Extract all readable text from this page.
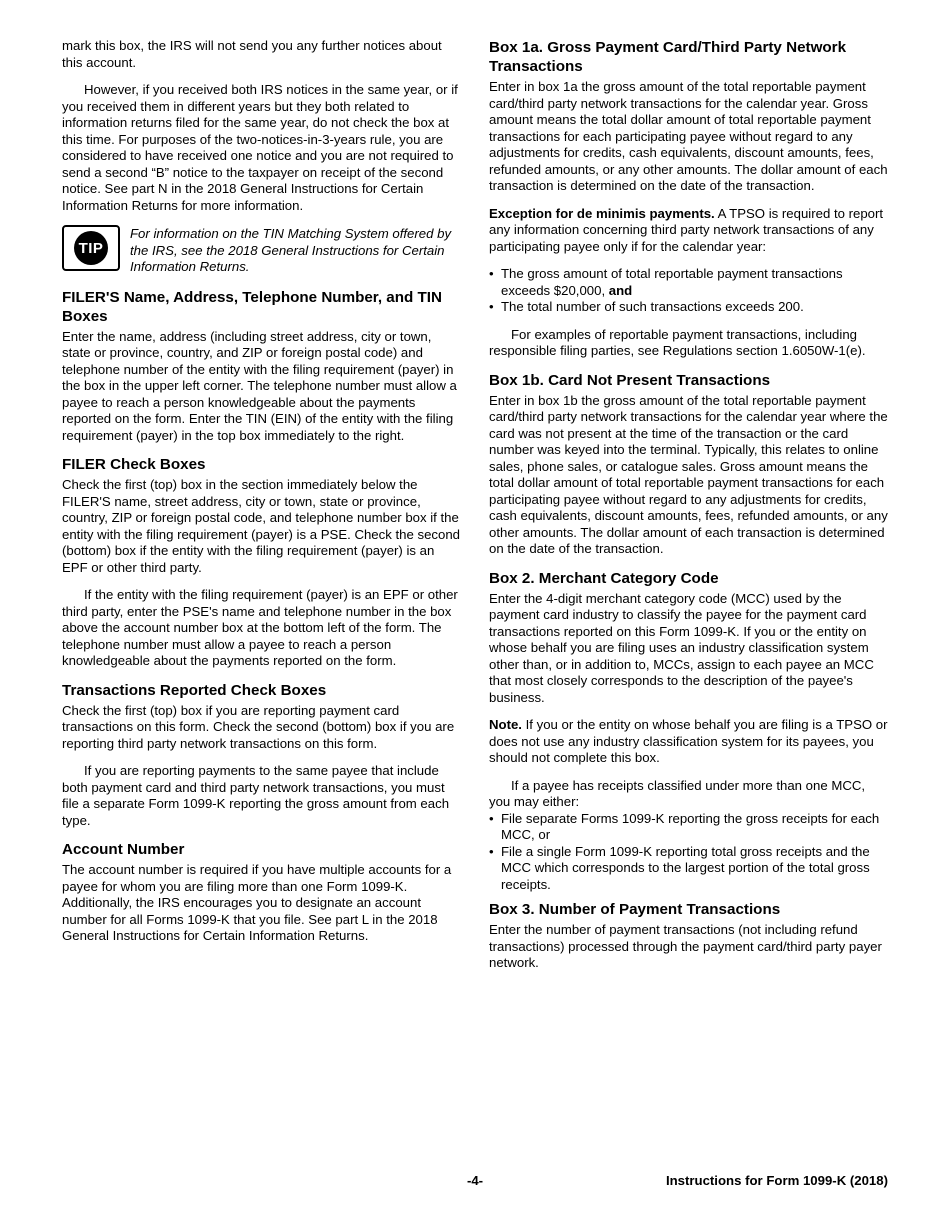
mark this box, the IRS will not send you any further notices about this account.

However, if you received both IRS notices in the same year, or if you received them in different years but they both related to information returns filed for the same year, do not check the box at this time. For purposes of the two-notices-in-3-years rule, you are considered to have received one notice and you are not required to send a second “B” notice to the taxpayer on receipt of the second notice. See part N in the 2018 General Instructions for Certain Information Returns for more information.

TIP
For information on the TIN Matching System offered by the IRS, see the 2018 General Instructions for Certain Information Returns.
FILER'S Name, Address, Telephone Number, and TIN Boxes

Enter the name, address (including street address, city or town, state or province, country, and ZIP or foreign postal code) and telephone number of the entity with the filing requirement (payer) in the box in the upper left corner. The telephone number must allow a payee to reach a person knowledgeable about the payments reported on the form. Enter the TIN (EIN) of the entity with the filing requirement (payer) in the top box immediately to the right.

FILER Check Boxes

Check the first (top) box in the section immediately below the FILER'S name, street address, city or town, state or province, country, ZIP or foreign postal code, and telephone number box if the entity with the filing requirement (payer) is a PSE. Check the second (bottom) box if the entity with the filing requirement (payer) is an EPF or other third party.

If the entity with the filing requirement (payer) is an EPF or other third party, enter the PSE's name and telephone number in the box above the account number box at the bottom left of the form. The telephone number must allow a payee to reach a person knowledgeable about the payments reported on the form.

Transactions Reported Check Boxes

Check the first (top) box if you are reporting payment card transactions on this form. Check the second (bottom) box if you are reporting third party network transactions on this form.

If you are reporting payments to the same payee that include both payment card and third party network transactions, you must file a separate Form 1099-K reporting the gross amount from each type.

Account Number

The account number is required if you have multiple accounts for a payee for whom you are filing more than one Form 1099-K. Additionally, the IRS encourages you to designate an account number for all Forms 1099-K that you file. See part L in the 2018 General Instructions for Certain Information Returns.

Box 1a. Gross Payment Card/Third Party Network Transactions

Enter in box 1a the gross amount of the total reportable payment card/third party network transactions for the calendar year. Gross amount means the total dollar amount of total reportable payment transactions for each participating payee without regard to any adjustments for credits, cash equivalents, discount amounts, fees, refunded amounts, or any other amounts. The dollar amount of each transaction is determined on the date of the transaction.

Exception for de minimis payments. A TPSO is required to report any information concerning third party network transactions of any participating payee only if for the calendar year:

• The gross amount of total reportable payment transactions exceeds $20,000, and
• The total number of such transactions exceeds 200.

For examples of reportable payment transactions, including responsible filing parties, see Regulations section 1.6050W-1(e).

Box 1b. Card Not Present Transactions

Enter in box 1b the gross amount of the total reportable payment card/third party network transactions for the calendar year where the card was not present at the time of the transaction or the card number was keyed into the terminal. Typically, this relates to online sales, phone sales, or catalogue sales. Gross amount means the total dollar amount of total reportable payment transactions for each participating payee without regard to any adjustments for credits, cash equivalents, discount amounts, fees, refunded amounts, or any other amounts. The dollar amount of each transaction is determined on the date of the transaction.

Box 2. Merchant Category Code

Enter the 4-digit merchant category code (MCC) used by the payment card industry to classify the payee for the payment card transactions reported on this Form 1099-K. If you or the entity on whose behalf you are filing uses an industry classification system other than, or in addition to, MCCs, assign to each payee an MCC that most closely corresponds to the description of the payee's business.

Note. If you or the entity on whose behalf you are filing is a TPSO or does not use any industry classification system for its payees, you should not complete this box.

If a payee has receipts classified under more than one MCC, you may either:

• File separate Forms 1099-K reporting the gross receipts for each MCC, or
• File a single Form 1099-K reporting total gross receipts and the MCC which corresponds to the largest portion of the total gross receipts.
Box 3. Number of Payment Transactions

Enter the number of payment transactions (not including refund transactions) processed through the payment card/third party payer network.

-4-	Instructions for Form 1099-K (2018)
